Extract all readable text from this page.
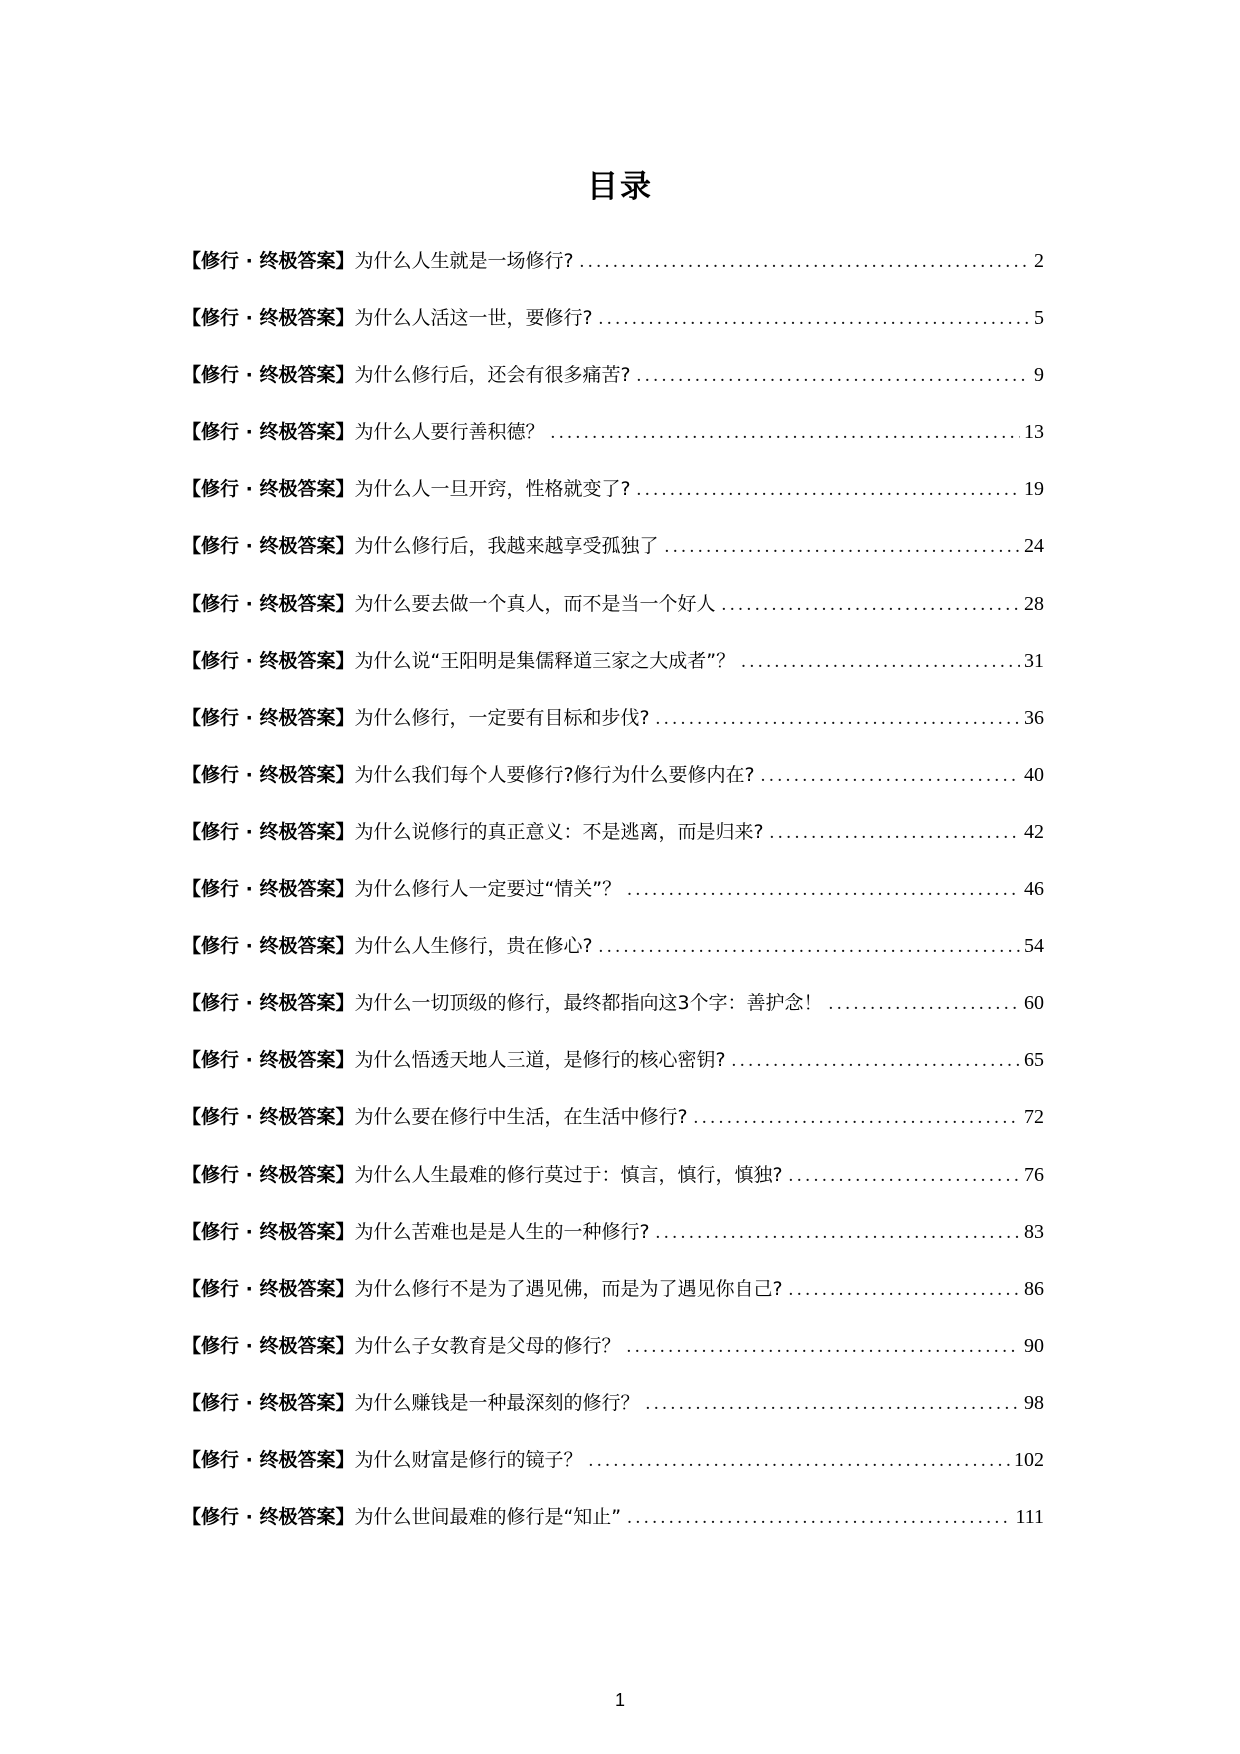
目录
【修行 · 终极答案】 为什么人生就是一场修行? .....	2
【修行 · 终极答案】 为什么人活这一世，要修行? .....	5
【修行 · 终极答案】 为什么修行后，还会有很多痛苦? .....	9
【修行 · 终极答案】 为什么人要行善积德？ .....	13
【修行 · 终极答案】 为什么人一旦开窍，性格就变了? .....	19
【修行 · 终极答案】 为什么修行后，我越来越享受孤独了 .....	24
【修行 · 终极答案】 为什么要去做一个真人，而不是当一个好人 .....	28
【修行 · 终极答案】 为什么说“王阳明是集儒释道三家之大成者”？ .....	31
【修行 · 终极答案】 为什么修行，一定要有目标和步伐? .....	36
【修行 · 终极答案】 为什么我们每个人要修行?修行为什么要修内在? .....	40
【修行 · 终极答案】 为什么说修行的真正意义：不是逃离，而是归来? .....	42
【修行 · 终极答案】 为什么修行人一定要过“情关”？ .....	46
【修行 · 终极答案】 为什么人生修行，贵在修心? .....	54
【修行 · 终极答案】 为什么一切顶级的修行，最终都指向这3个字：善护念！ .....	60
【修行 · 终极答案】 为什么悟透天地人三道，是修行的核心密钥? .....	65
【修行 · 终极答案】 为什么要在修行中生活，在生活中修行? .....	72
【修行 · 终极答案】 为什么人生最难的修行莫过于：慎言，慎行，慎独? .....	76
【修行 · 终极答案】 为什么苦难也是是人生的一种修行? .....	83
【修行 · 终极答案】 为什么修行不是为了遇见佛，而是为了遇见你自己? .....	86
【修行 · 终极答案】 为什么子女教育是父母的修行？ .....	90
【修行 · 终极答案】 为什么赚钱是一种最深刻的修行？ .....	98
【修行 · 终极答案】 为什么财富是修行的镜子？ .....	102
【修行 · 终极答案】 为什么世间最难的修行是“知止” .....	111
1
